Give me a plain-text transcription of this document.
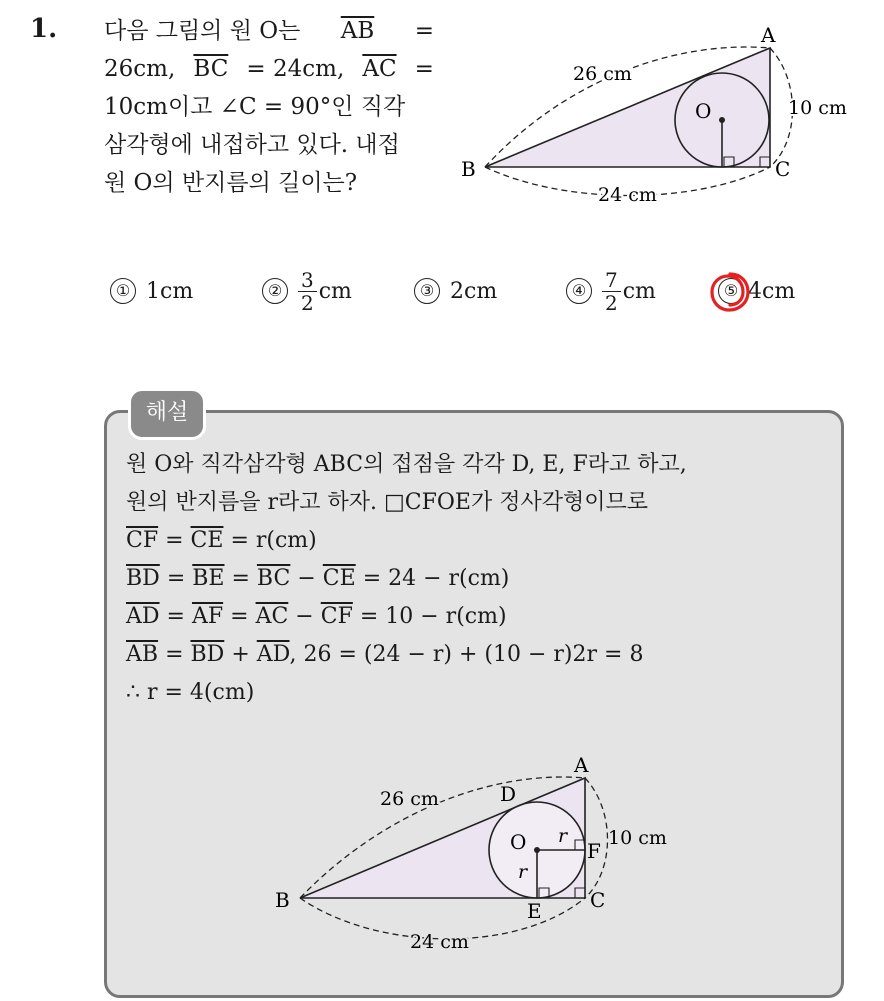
1. 다음 그림의 원 O는 $\overline{AB}$ =
26cm, $\overline{BC} = 24cm$, $\overline{AC}$ =
10cm이고 ∠C = 90°인 직각
삼각형에 내접하고 있다. 내접
원 O의 반지름의 길이는?
A
B	C
O
26 cm
24 cm
10 cm
① 1cm	② $\frac{3}{2}$ cm	③ 2cm	④ $\frac{7}{2}$ cm	⑤ 4cm
해설
원 O와 직각삼각형 ABC의 접점을 각각 D, E, F라고 하고,
원의 반지름을 r라고 하자. □CFOE가 정사각형이므로
$\overline{CF} = \overline{CE} = r(cm)$
$\overline{BD} = \overline{BE} = \overline{BC} - \overline{CE} = 24 - r(cm)$
$\overline{AD} = \overline{AF} = \overline{AC} - \overline{CF} = 10 - r(cm)$
$\overline{AB} = \overline{BD} + \overline{AD}$, 26 = (24 − r) + (10 − r)2r = 8
∴ r = 4(cm)
A
B	C
O
D
E
F
r
r
26 cm
24 cm
10 cm
